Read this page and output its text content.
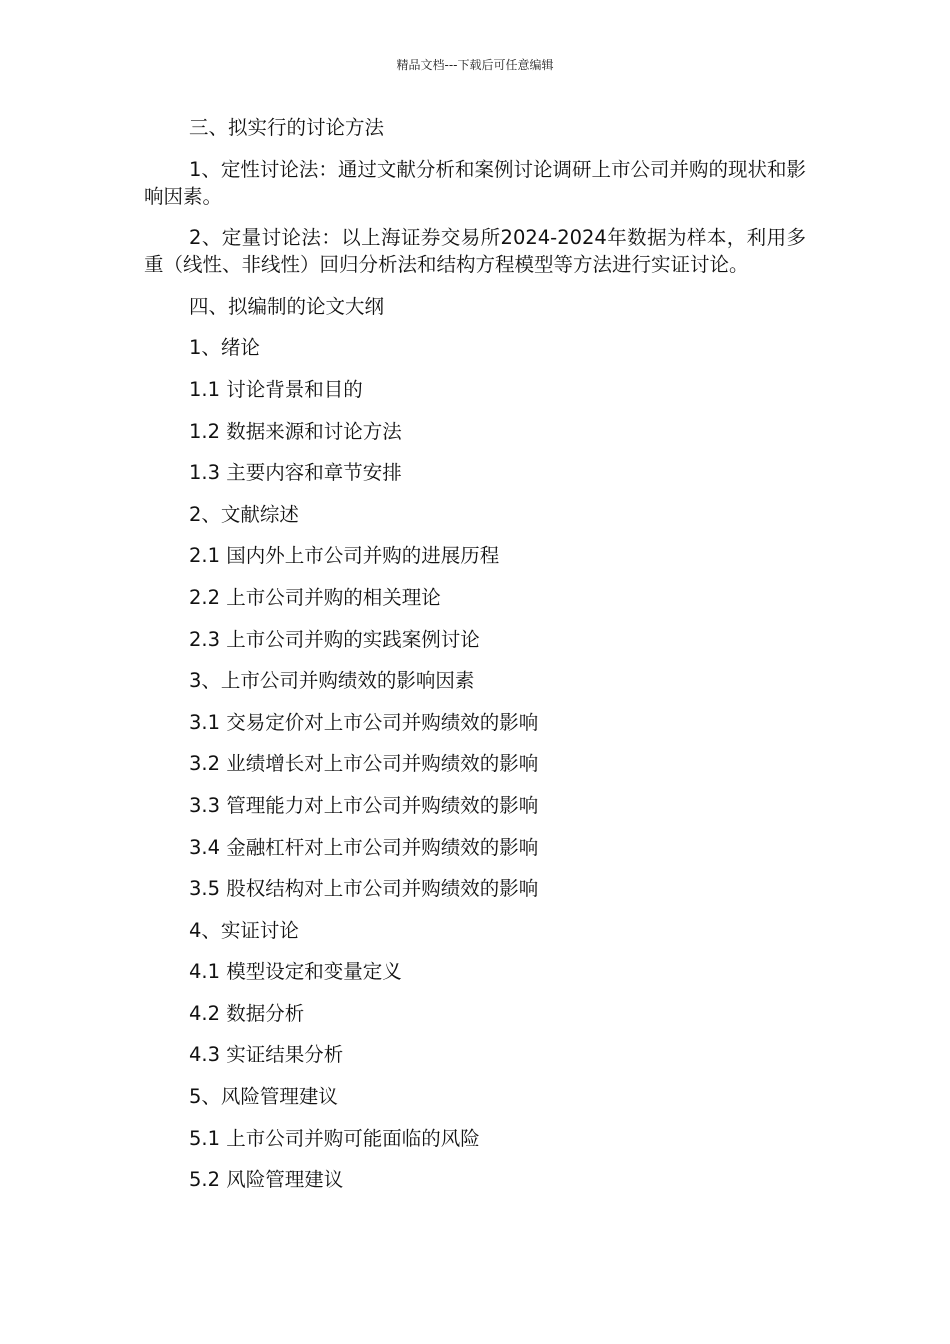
精品文档---下载后可任意编辑
三、拟实行的讨论方法
1、定性讨论法：通过文献分析和案例讨论调研上市公司并购的现状和影响因素。
2、定量讨论法：以上海证券交易所2024-2024年数据为样本，利用多重（线性、非线性）回归分析法和结构方程模型等方法进行实证讨论。
四、拟编制的论文大纲
1、绪论
1.1 讨论背景和目的
1.2 数据来源和讨论方法
1.3 主要内容和章节安排
2、文献综述
2.1 国内外上市公司并购的进展历程
2.2 上市公司并购的相关理论
2.3 上市公司并购的实践案例讨论
3、上市公司并购绩效的影响因素
3.1 交易定价对上市公司并购绩效的影响
3.2 业绩增长对上市公司并购绩效的影响
3.3 管理能力对上市公司并购绩效的影响
3.4 金融杠杆对上市公司并购绩效的影响
3.5 股权结构对上市公司并购绩效的影响
4、实证讨论
4.1 模型设定和变量定义
4.2 数据分析
4.3 实证结果分析
5、风险管理建议
5.1 上市公司并购可能面临的风险
5.2 风险管理建议
